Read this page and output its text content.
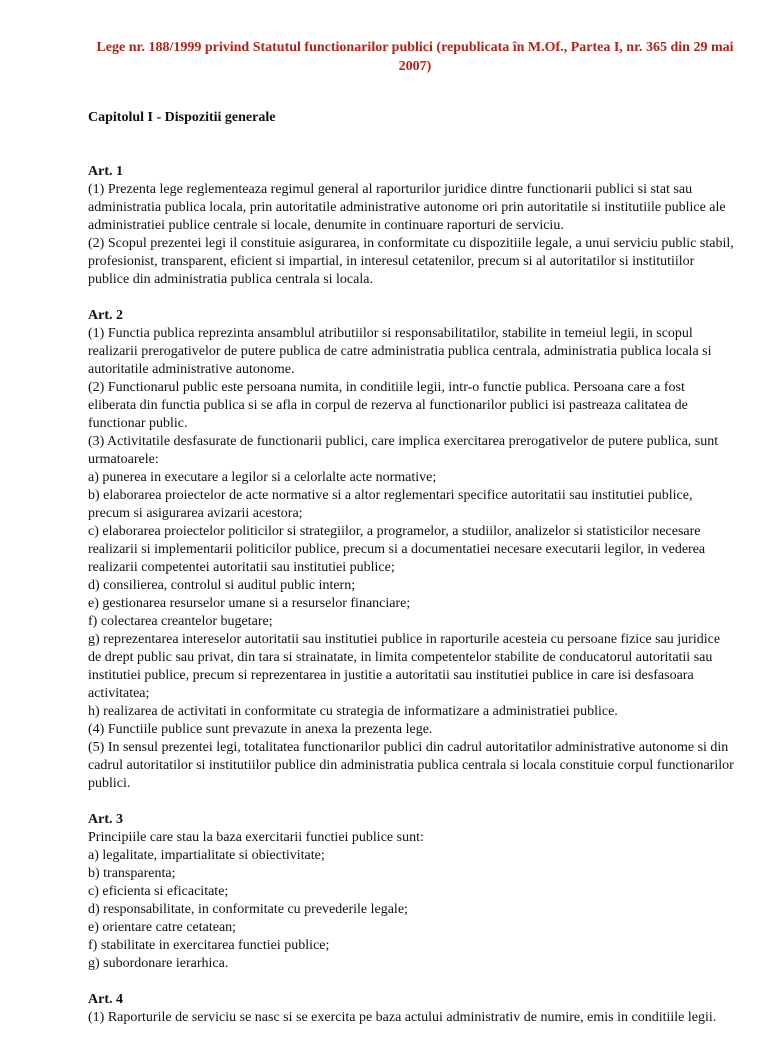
Lege nr. 188/1999 privind Statutul functionarilor publici (republicata în M.Of., Partea I, nr. 365 din 29 mai 2007)
Capitolul I - Dispozitii generale
Art. 1
(1) Prezenta lege reglementeaza regimul general al raporturilor juridice dintre functionarii publici si stat sau administratia publica locala, prin autoritatile administrative autonome ori prin autoritatile si institutiile publice ale administratiei publice centrale si locale, denumite in continuare raporturi de serviciu.
(2) Scopul prezentei legi il constituie asigurarea, in conformitate cu dispozitiile legale, a unui serviciu public stabil, profesionist, transparent, eficient si impartial, in interesul cetatenilor, precum si al autoritatilor si institutiilor publice din administratia publica centrala si locala.
Art. 2
(1) Functia publica reprezinta ansamblul atributiilor si responsabilitatilor, stabilite in temeiul legii, in scopul realizarii prerogativelor de putere publica de catre administratia publica centrala, administratia publica locala si autoritatile administrative autonome.
(2) Functionarul public este persoana numita, in conditiile legii, intr-o functie publica. Persoana care a fost eliberata din functia publica si se afla in corpul de rezerva al functionarilor publici isi pastreaza calitatea de functionar public.
(3) Activitatile desfasurate de functionarii publici, care implica exercitarea prerogativelor de putere publica, sunt urmatoarele:
a) punerea in executare a legilor si a celorlalte acte normative;
b) elaborarea proiectelor de acte normative si a altor reglementari specifice autoritatii sau institutiei publice, precum si asigurarea avizarii acestora;
c) elaborarea proiectelor politicilor si strategiilor, a programelor, a studiilor, analizelor si statisticilor necesare realizarii si implementarii politicilor publice, precum si a documentatiei necesare executarii legilor, in vederea realizarii competentei autoritatii sau institutiei publice;
d) consilierea, controlul si auditul public intern;
e) gestionarea resurselor umane si a resurselor financiare;
f) colectarea creantelor bugetare;
g) reprezentarea intereselor autoritatii sau institutiei publice in raporturile acesteia cu persoane fizice sau juridice de drept public sau privat, din tara si strainatate, in limita competentelor stabilite de conducatorul autoritatii sau institutiei publice, precum si reprezentarea in justitie a autoritatii sau institutiei publice in care isi desfasoara activitatea;
h) realizarea de activitati in conformitate cu strategia de informatizare a administratiei publice.
(4) Functiile publice sunt prevazute in anexa la prezenta lege.
(5) In sensul prezentei legi, totalitatea functionarilor publici din cadrul autoritatilor administrative autonome si din cadrul autoritatilor si institutiilor publice din administratia publica centrala si locala constituie corpul functionarilor publici.
Art. 3
Principiile care stau la baza exercitarii functiei publice sunt:
a) legalitate, impartialitate si obiectivitate;
b) transparenta;
c) eficienta si eficacitate;
d) responsabilitate, in conformitate cu prevederile legale;
e) orientare catre cetatean;
f) stabilitate in exercitarea functiei publice;
g) subordonare ierarhica.
Art. 4
(1) Raporturile de serviciu se nasc si se exercita pe baza actului administrativ de numire, emis in conditiile legii.
